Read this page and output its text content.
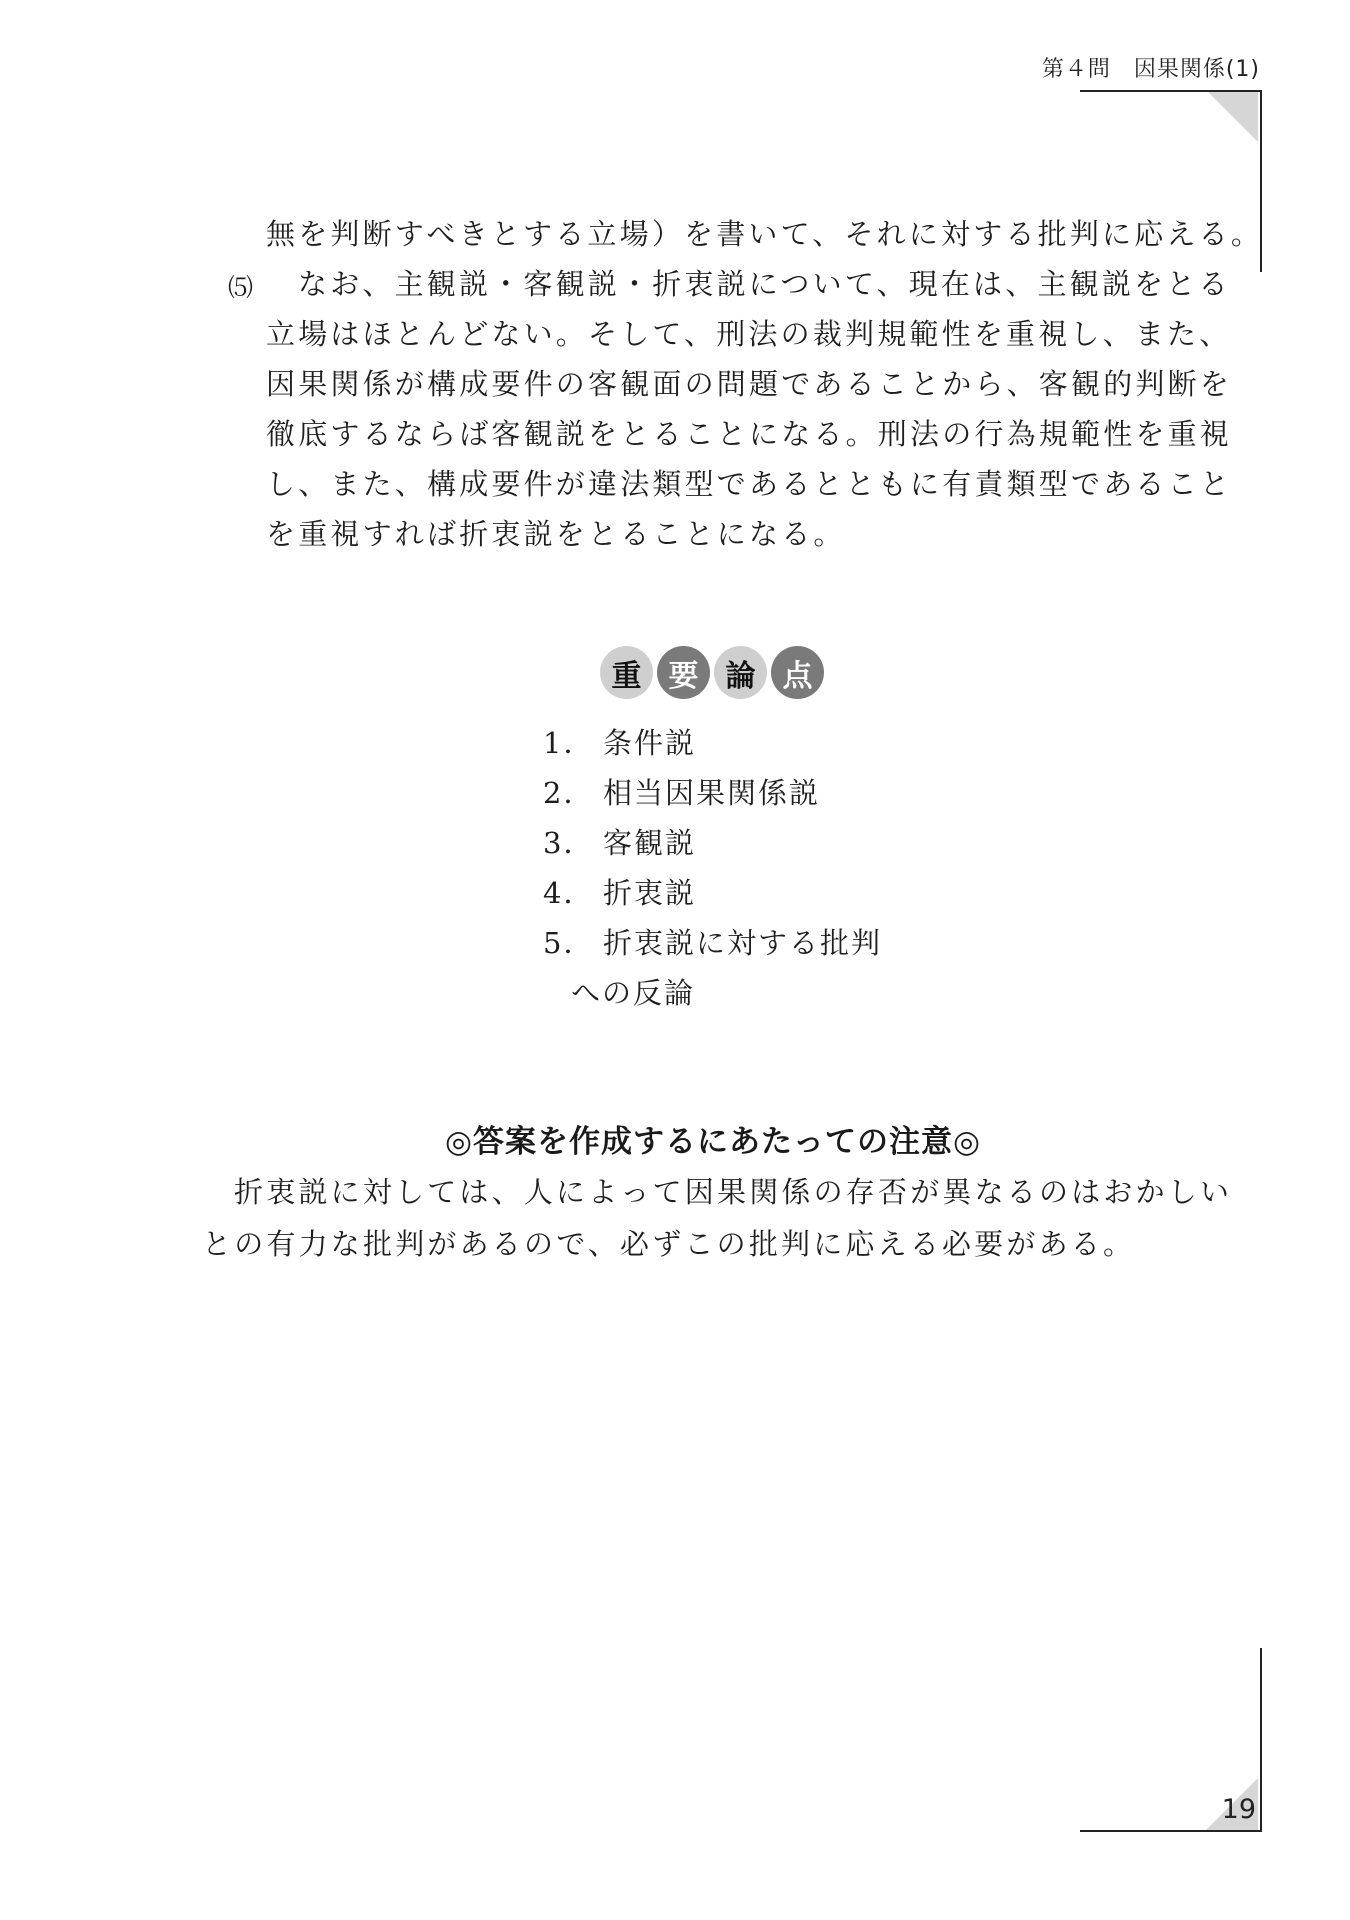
第４問　因果関係(1)

無を判断すべきとする立場）を書いて、それに対する批判に応える。

⑸ なお、主観説・客観説・折衷説について、現在は、主観説をとる

立場はほとんどない。そして、刑法の裁判規範性を重視し、また、

因果関係が構成要件の客観面の問題であることから、客観的判断を

徹底するならば客観説をとることになる。刑法の行為規範性を重視

し、また、構成要件が違法類型であるとともに有責類型であること

を重視すれば折衷説をとることになる。

重 要 論 点
1． 条件説
2． 相当因果関係説
3． 客観説
4． 折衷説
5． 折衷説に対する批判
への反論
◎答案を作成するにあたっての注意◎

折衷説に対しては、人によって因果関係の存否が異なるのはおかしい

との有力な批判があるので、必ずこの批判に応える必要がある。

19
